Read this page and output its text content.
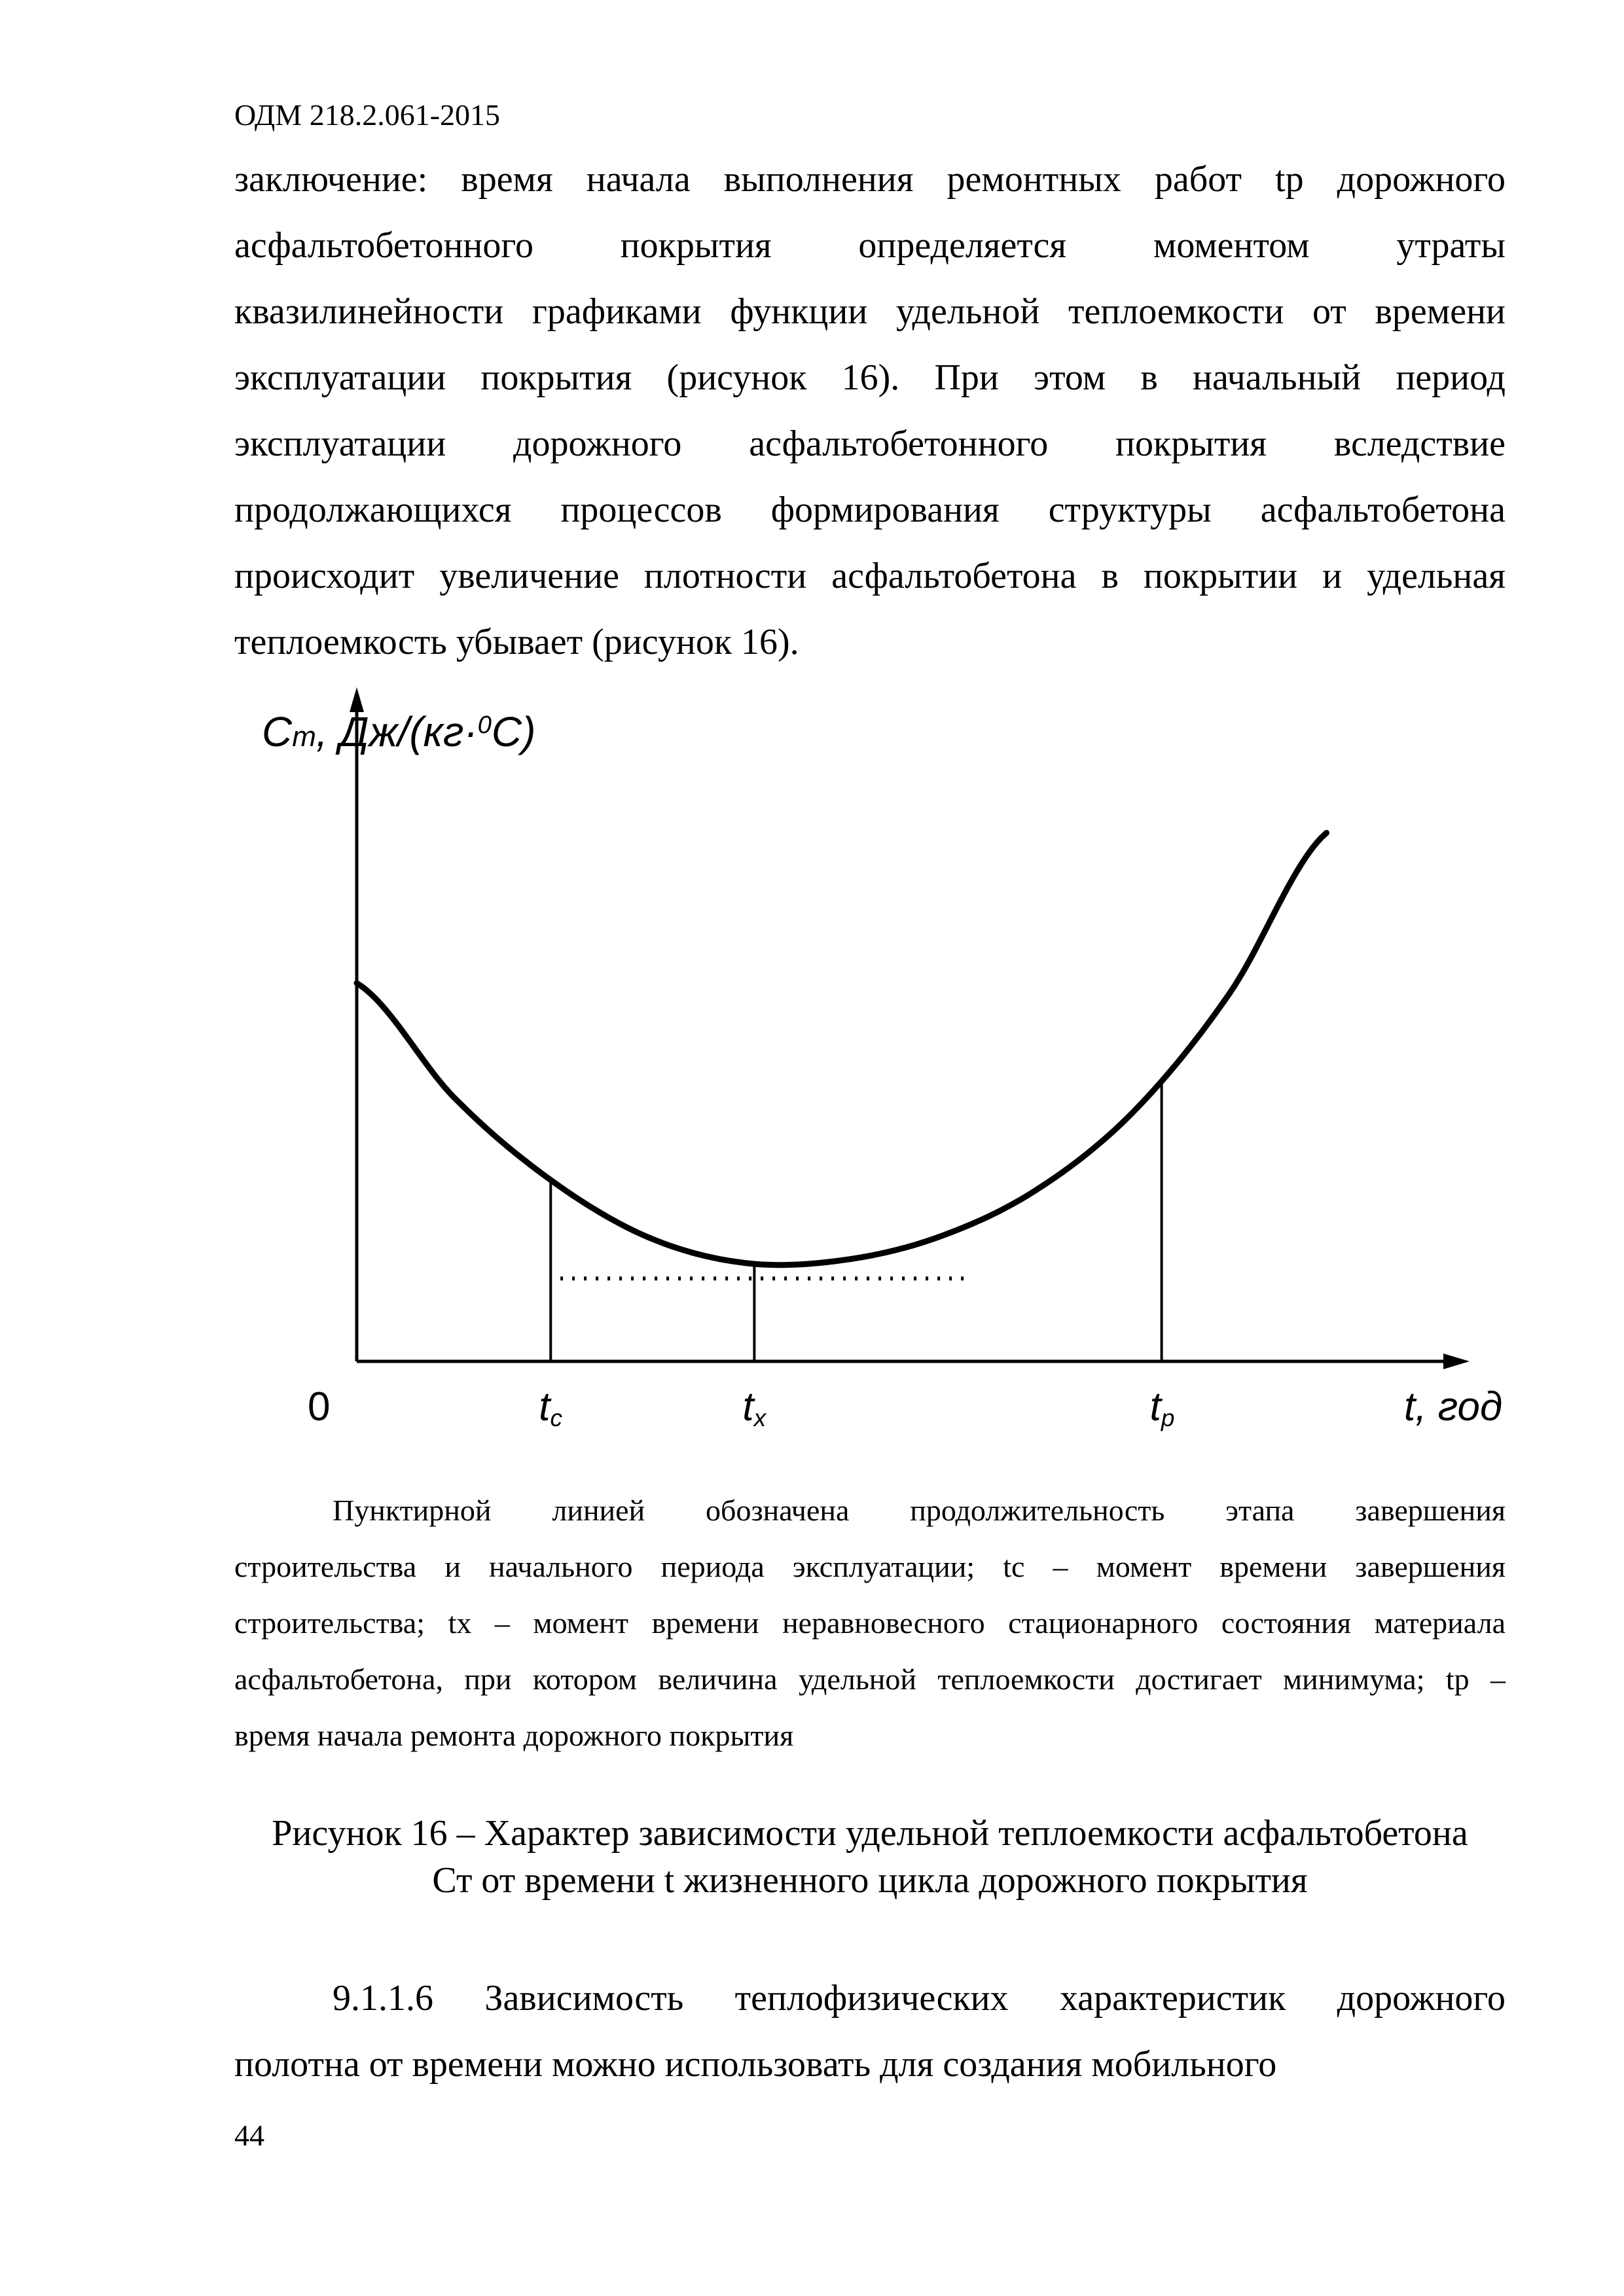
ОДМ 218.2.061-2015
заключение: время начала выполнения ремонтных работ tр дорожного
асфальтобетонного покрытия определяется моментом утраты
квазилинейности графиками функции удельной теплоемкости от времени
эксплуатации покрытия (рисунок 16). При этом в начальный период
эксплуатации дорожного асфальтобетонного покрытия вследствие
продолжающихся процессов формирования структуры асфальтобетона
происходит увеличение плотности асфальтобетона в покрытии и удельная
теплоемкость убывает (рисунок 16).
tс	tх	tр
0	t, год
Cт, Дж/(кг·$^0$С)
Пунктирной линией обозначена продолжительность этапа завершения
строительства и начального периода эксплуатации; tс – момент времени завершения
строительства; tх – момент времени неравновесного стационарного состояния материала
асфальтобетона, при котором величина удельной теплоемкости достигает минимума; tр –
время начала ремонта дорожного покрытия
Рисунок 16 – Характер зависимости удельной теплоемкости асфальтобетона
Ст от времени t жизненного цикла дорожного покрытия
9.1.1.6 Зависимость теплофизических характеристик дорожного
полотна от времени можно использовать для создания мобильного
44
